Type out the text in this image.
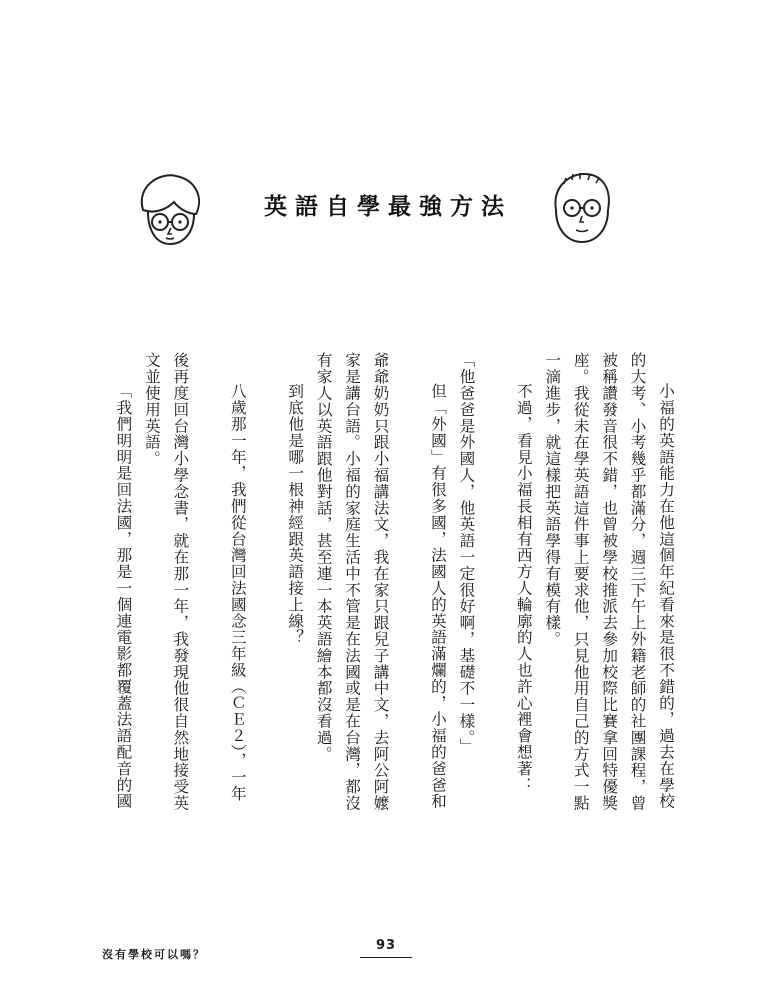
英語自學最強方法
小福的英語能力在他這個年紀看來是很不錯的，過去在學校
的大考、小考幾乎都滿分，週三下午上外籍老師的社團課程，曾
被稱讚發音很不錯，也曾被學校推派去參加校際比賽拿回特優獎
座。我從未在學英語這件事上要求他，只見他用自己的方式一點
一滴進步，就這樣把英語學得有模有樣。
不過，看見小福長相有西方人輪廓的人也許心裡會想著：
「他爸爸是外國人，他英語一定很好啊，基礎不一樣。」
但「外國」有很多國，法國人的英語滿爛的，小福的爸爸和
爺爺奶奶只跟小福講法文，我在家只跟兒子講中文，去阿公阿嬤
家是講台語。小福的家庭生活中不管是在法國或是在台灣，都沒
有家人以英語跟他對話，甚至連一本英語繪本都沒看過。
到底他是哪一根神經跟英語接上線？
八歲那一年，我們從台灣回法國念三年級（ＣＥ２），一年
後再度回台灣小學念書，就在那一年，我發現他很自然地接受英
文並使用英語。
「我們明明是回法國，那是一個連電影都覆蓋法語配音的國
沒有學校可以嗎？
93
